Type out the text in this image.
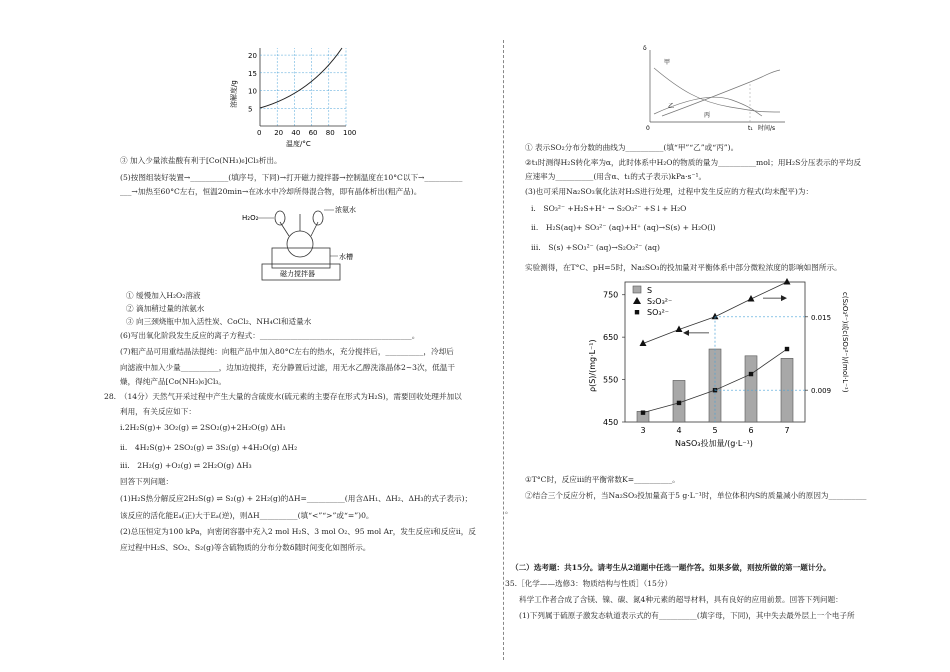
0 20 40 60 80 100
5
10
15
20
溶解度/g
温度/°C
H₂O₂
浓氨水
水槽
磁力搅拌器
③ 加入少量浓盐酸有利于[Co(NH₃)₆]Cl₃析出。
(5)按图组装好装置→__________(填序号，下同)→打开磁力搅拌器→控制温度在10°C以下→__________
___→加热至60°C左右，恒温20min→在冰水中冷却所得混合物，即有晶体析出(粗产品)。
① 缓慢加入H₂O₂溶液
② 滴加稍过量的浓氨水
③ 向三颈烧瓶中加入活性炭、CoCl₂、NH₄Cl和适量水
(6)写出氧化阶段发生反应的离子方程式：________________________________________。
(7)粗产品可用重结晶法提纯：向粗产品中加入80°C左右的热水，充分搅拌后，__________，冷却后
向滤液中加入少量__________，边加边搅拌，充分静置后过滤，用无水乙醇洗涤晶体2~3次，低温干
燥，得纯产品[Co(NH₃)₆]Cl₃。
28.　（14分）天然气开采过程中产生大量的含硫废水(硫元素的主要存在形式为H₂S)，需要回收处理并加以
利用，有关反应如下：
i.2H₂S(g)+ 3O₂(g) ⇌ 2SO₂(g)+2H₂O(g) ΔH₁
ii.　4H₂S(g)+ 2SO₂(g) ⇌ 3S₂(g) +4H₂O(g) ΔH₂
iii.　2H₂(g) +O₂(g) ⇌ 2H₂O(g) ΔH₃
回答下列问题：
(1)H₂S热分解反应2H₂S(g) ⇌ S₂(g) + 2H₂(g)的ΔH=__________(用含ΔH₁、ΔH₂、ΔH₃的式子表示)；
该反应的活化能Eₐ(正)大于Eₐ(逆)，则ΔH__________(填“<”“>”或“=”)0。
(2)总压恒定为100 kPa，向密闭容器中充入2 mol H₂S、3 mol O₂、95 mol Ar，发生反应i和反应ii，反
应过程中H₂S、SO₂、S₂(g)等含硫物质的分布分数δ随时间变化如图所示。
δ
甲
乙
丙
0	t₁ 时间/s
450
550
650
750
3	4	5	6	7
0.009
0.015
S
S₂O₃²⁻
SO₃²⁻
NaSO₃投加量/(g·L⁻¹)
ρ(S)/(mg·L⁻¹)	c(S₂O₃²⁻)或c(SO₃²⁻)/(mol·L⁻¹)
① 表示SO₂分布分数的曲线为__________(填“甲”“乙”或“丙”)。
②t₁时测得H₂S转化率为α，此时体系中H₂O的物质的量为__________mol；用H₂S分压表示的平均反
应速率为__________(用含α、t₁的式子表示)kPa·s⁻¹。
(3)也可采用Na₂SO₃氧化法对H₂S进行处理，过程中发生反应的方程式(均未配平)为：
i.　SO₃²⁻ +H₂S+H⁺ → S₂O₃²⁻ +S↓+ H₂O
ii.　H₂S(aq)+ SO₃²⁻ (aq)+H⁺ (aq)→S(s) + H₂O(l)
iii.　S(s) +SO₃²⁻ (aq)→S₂O₃²⁻ (aq)
实验测得，在T°C、pH=5时，Na₂SO₃的投加量对平衡体系中部分微粒浓度的影响如图所示。
①T°C时，反应iii的平衡常数K=__________。
②结合三个反应分析，当Na₂SO₃投加量高于5 g·L⁻¹时，单位体积内S的质量减小的原因为__________
。
（二）选考题：共15分。请考生从2道题中任选一题作答。如果多做，则按所做的第一题计分。
35.［化学——选修3：物质结构与性质］（15分）
科学工作者合成了含镁、镍、碳、氮4种元素的超导材料，具有良好的应用前景。回答下列问题：
(1)下列属于硫原子激发态轨道表示式的有__________(填字母，下同)，其中失去最外层上一个电子所
